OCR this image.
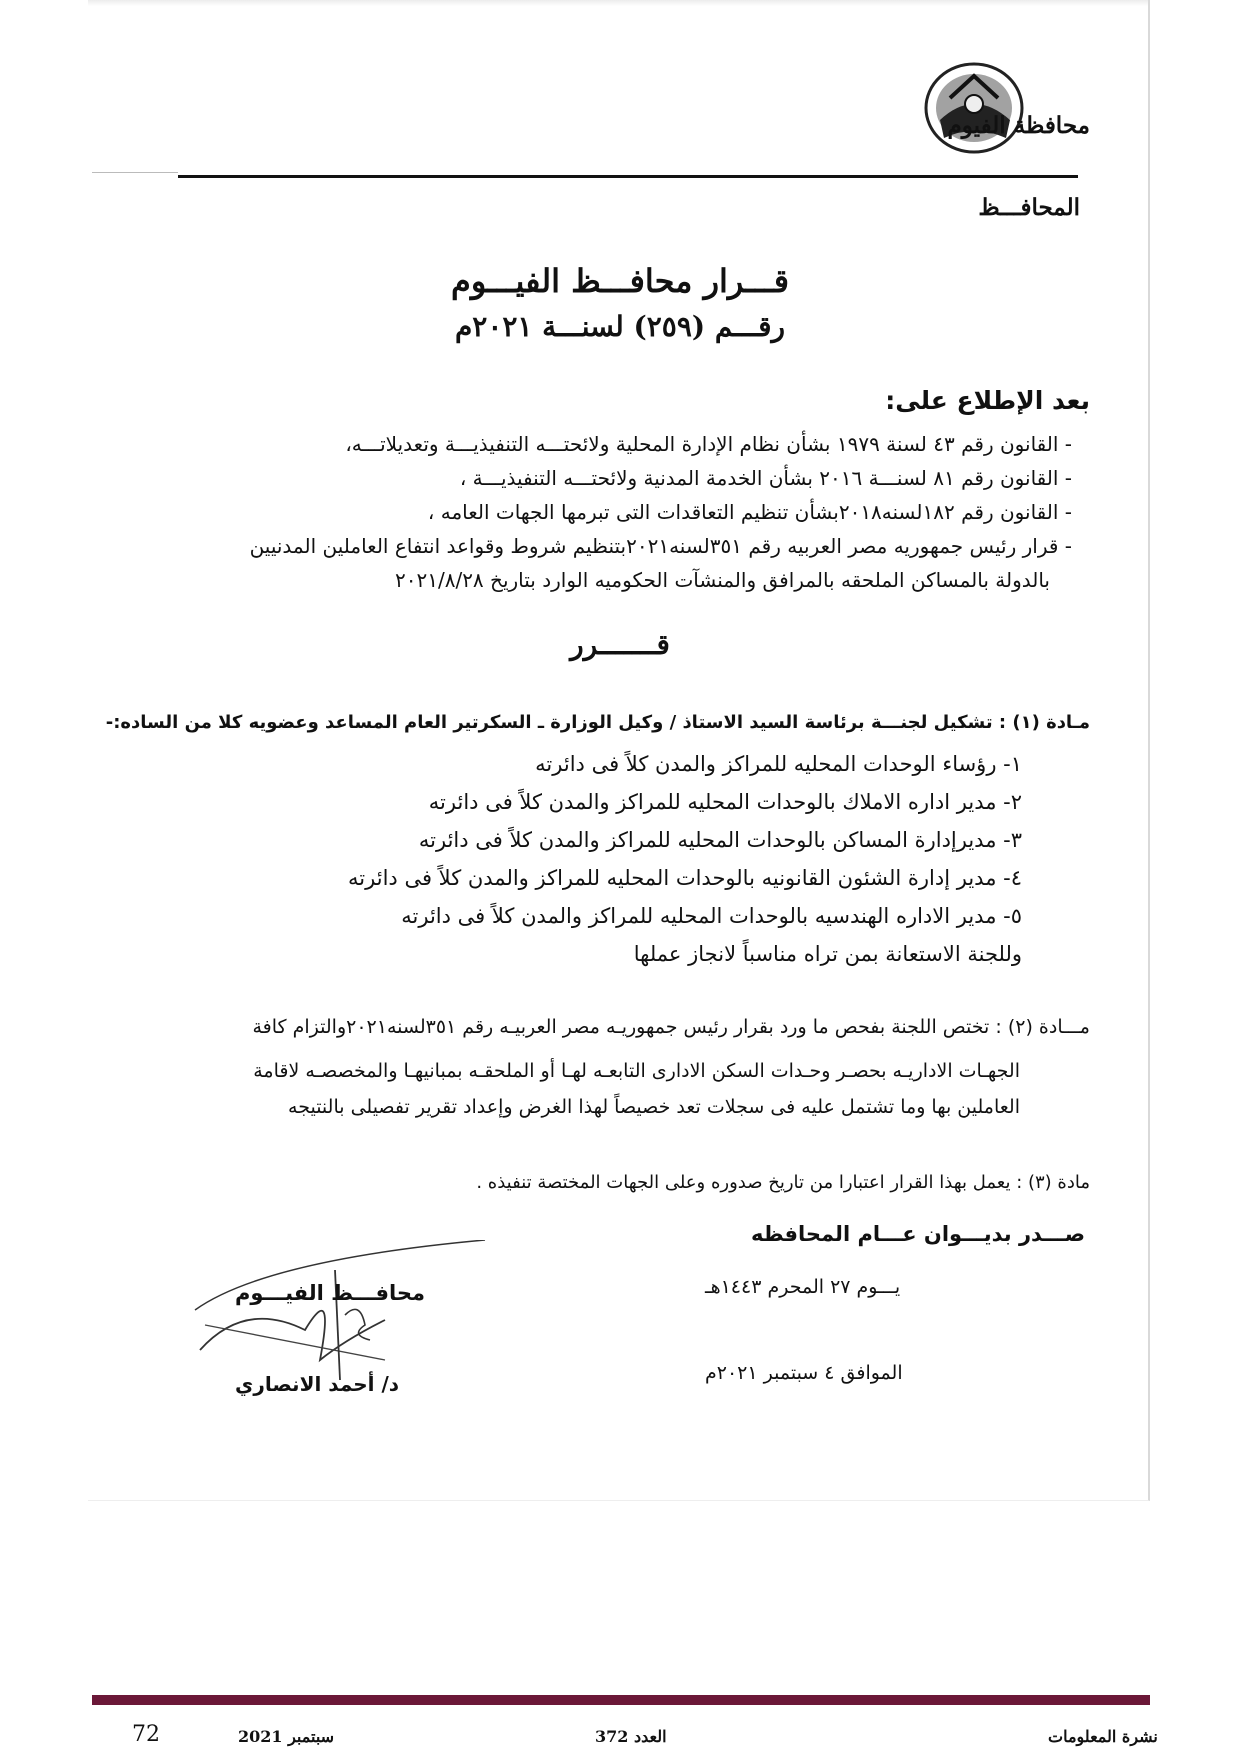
محافظة الفيوم
المحافـــظ
قـــرار محافـــظ الفيـــوم
رقـــم (٢٥٩) لسنـــة ٢٠٢١م
بعد الإطلاع على:
- القانون رقم ٤٣ لسنة ١٩٧٩ بشأن نظام الإدارة المحلية ولائحتـــه التنفيذيـــة وتعديلاتـــه،
- القانون رقم ٨١ لسنـــة ٢٠١٦ بشأن الخدمة المدنية ولائحتـــه التنفيذيـــة ،
- القانون رقم ١٨٢لسنه٢٠١٨بشأن تنظيم التعاقدات التى تبرمها الجهات العامه ،
- قرار رئيس جمهوريه مصر العربيه رقم ٣٥١لسنه٢٠٢١بتنظيم شروط وقواعد انتفاع العاملين المدنيين
بالدولة بالمساكن الملحقه بالمرافق والمنشآت الحكوميه الوارد بتاريخ ٢٠٢١/٨/٢٨
قـــــــرر
مـادة (١) : تشكيل لجنـــة برئاسة السيد الاستاذ / وكيل الوزارة ـ السكرتير العام المساعد وعضويه كلا من الساده:-
١- رؤساء الوحدات المحليه للمراكز والمدن كلاً فى دائرته
٢- مدير اداره الاملاك بالوحدات المحليه للمراكز والمدن كلاً فى دائرته
٣- مديرإدارة المساكن بالوحدات المحليه للمراكز والمدن كلاً فى دائرته
٤- مدير إدارة الشئون القانونيه بالوحدات المحليه للمراكز والمدن كلاً فى دائرته
٥- مدير الاداره الهندسيه بالوحدات المحليه للمراكز والمدن كلاً فى دائرته
وللجنة الاستعانة بمن تراه مناسباً لانجاز عملها
مـــادة (٢) : تختص اللجنة بفحص ما ورد بقرار رئيس جمهوريـه مصر العربيـه رقم ٣٥١لسنه٢٠٢١والتزام كافة
الجهـات الاداريـه بحصـر وحـدات السكن الادارى التابعـه لهـا أو الملحقـه بمبانيهـا والمخصصـه لاقامة
العاملين بها وما تشتمل عليه فى سجلات تعد خصيصاً لهذا الغرض وإعداد تقرير تفصيلى بالنتيجه
مادة (٣) : يعمل بهذا القرار اعتبارا من تاريخ صدوره وعلى الجهات المختصة تنفيذه .
صـــدر بديـــوان عـــام المحافظه
يـــوم ٢٧ المحرم ١٤٤٣هـ
الموافق ٤ سبتمبر ٢٠٢١م
محافـــظ الفيـــوم
د/ أحمد الانصاري
نشرة المعلومات
العدد 372
سبتمبر 2021
72
